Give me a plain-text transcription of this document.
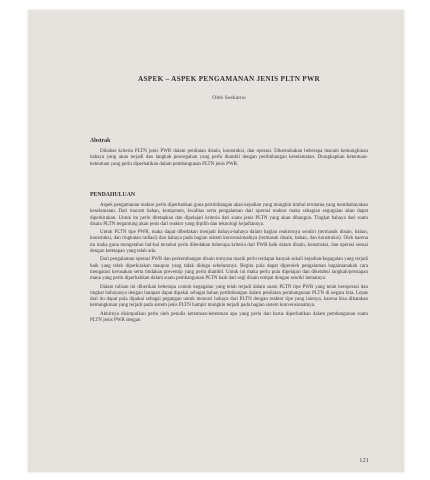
ASPEK – ASPEK PENGAMANAN JENIS PLTN PWR
Oleh Soekarno
Abstrak

Dibahas kriteria PLTN jenis PWR dalam penilaian disain, konstruksi, dan operasi. Dikemukakan beberapa macam kemungkinan bahaya yang akan terjadi dan langkah pencegahan yang perlu diambil dengan pertimbangan keselamatan. Diungkapkan ketentuan-ketentuan yang perlu diperhatikan dalam pembangunan PLTN jenis PWR.

PENDAHULUAN

Aspek pengamanan reaktor perlu diperhatikan guna pertimbangan akan kejadian yang mungkin timbul terutama yang membahayakan keselamatan. Dari macam bahan, komponen, kwalitas serta pengalaman dari operasi reaktor maka sebagian segugalan akan dapat diperkirakan. Untuk itu perlu ditetapkan dan dipelajari kriteria dari suatu jenis PLTN yang akan dibangun. Tingkat bahaya dari suatu disain PLTN tergantung akan jenis dari reaktor yang dipilih dan teknologi kejadiannya.

Untuk PLTN tipe PWR, maka dapat dibedakan menjadi bahaya-bahaya dalam bagian reaktornya sendiri (termasuk disain, bahan, konstruksi, dan tingkatan radiasi) dan bahaya pada bagian sistem konvensionalnya (termasuk disain, bahan, dan konstruksi). Oleh karena itu maka guna mengetahui hal-hal tersebut perlu dibedakan beberapa kriteria dari PWR baik dalam disain, konstruksi, dan operasi sesuai dengan ketetapan yang telah ada.

Dari pengalaman operasi PWR dan perkembangan disain ternyata masih perlu terdapat banyak sekali kejadian/kegagalan yang terjadi baik yang telah diperkirakan maupun yang tidak diduga sebelumnya. Begitu pula dapat diperoleh pengalaman bagaimanakah cara mengatasi kerusakan serta tindakan preventip yang perlu diambil. Untuk ini maka perlu pula dipelajari dan diketahui langkah/persiapan mana yang perlu diperhatikan dalam suatu pembangunan PLTN baik dari segi disain tempat dengan sendiri hematnya.

Dalam tulisan ini diberikan beberapa contoh kegagalan yang telah terjadi dalam suatu PLTN tipe PWR yang telah beroperasi dan tingkat bahayanya dengan harapan dapat dipakai sebagai bahan pertimbangan dalam penilaian pembangunan PLTN di negara kita. Lepas dari itu dapat pula dipakai sebagai pegangan untuk mencari bahaya dari PLTN dengan reaktor tipe yang lainnya, karena bisa dikatakan kemungkinan yang terjadi pada sistem jenis PLTN hampir mungkin terjadi pada bagian sistem konvensionalnya.

Akhirnya disimpulkan perlu oleh penulis ketentuan-ketentuan apa yang perlu dan harus diperhatikan dalam pembangunan suatu PLTN jenis PWR dengan

121
